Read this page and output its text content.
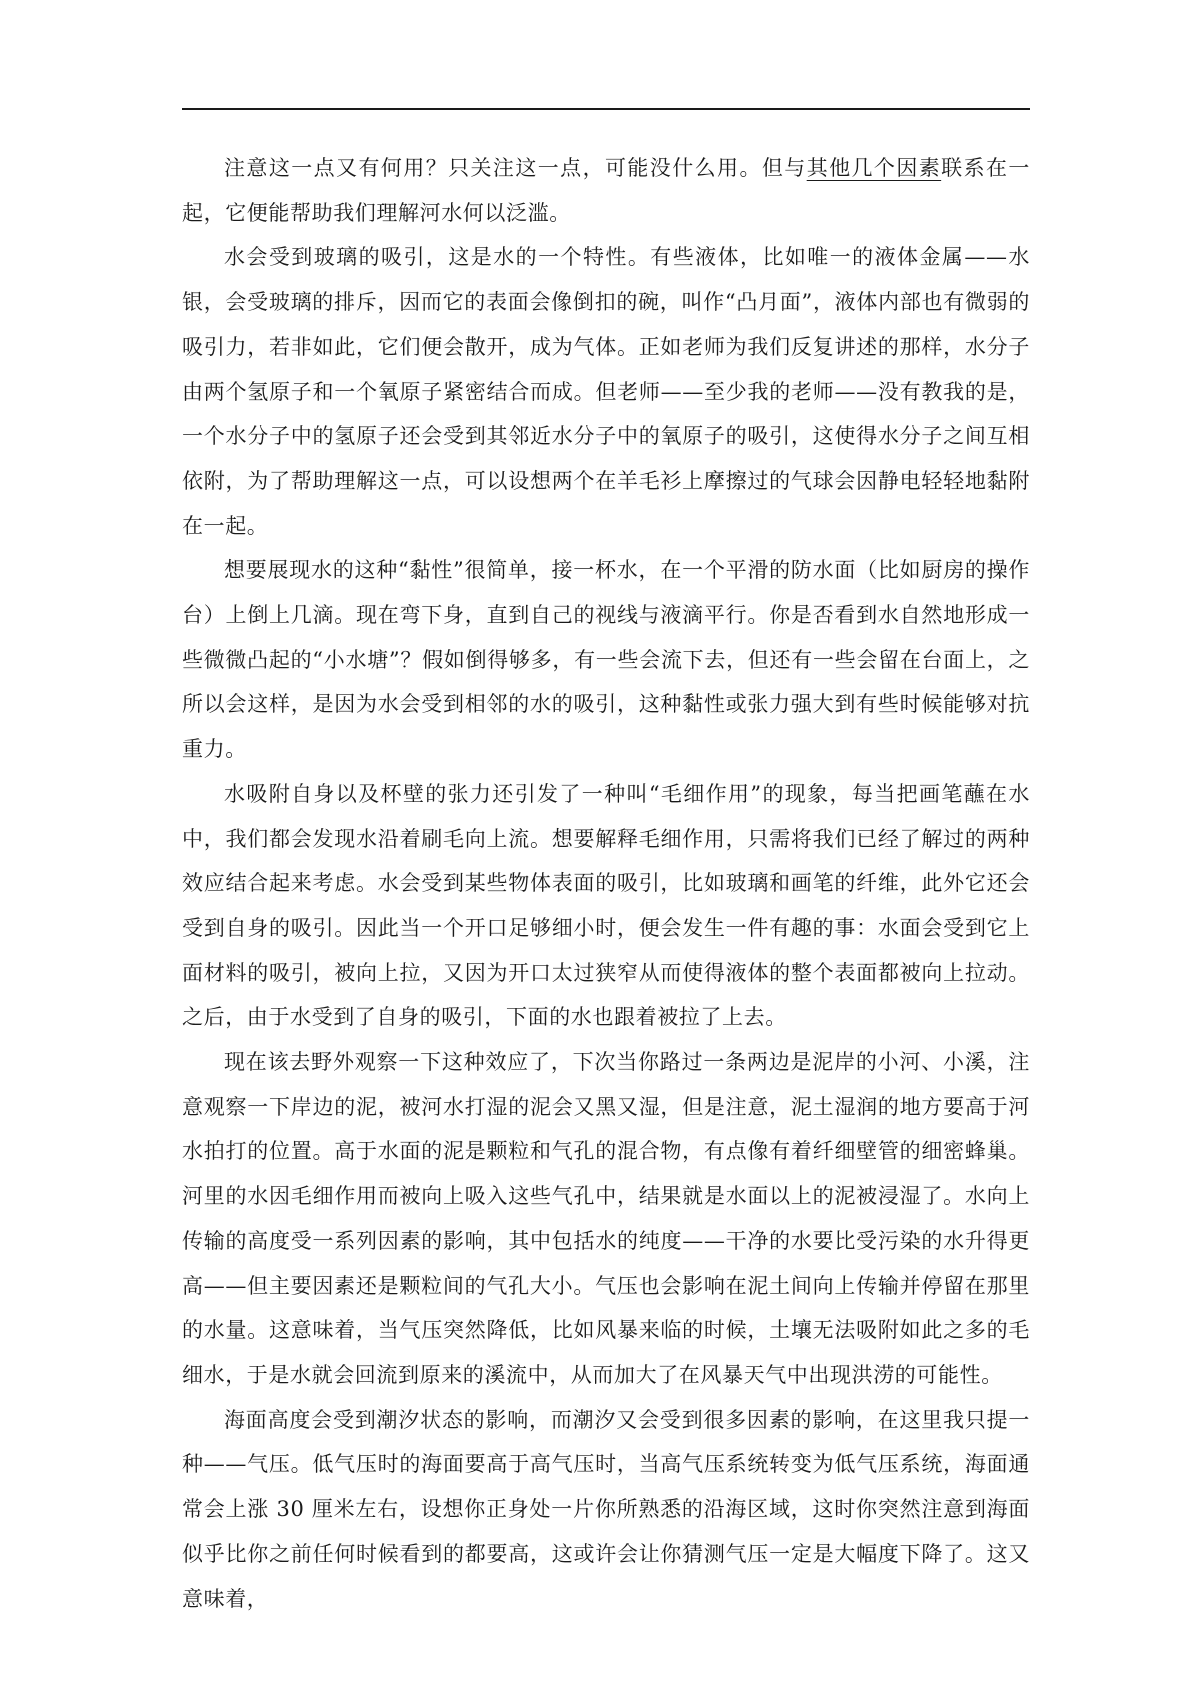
注意这一点又有何用？只关注这一点，可能没什么用。但与其他几个因素联系在一起，它便能帮助我们理解河水何以泛滥。

水会受到玻璃的吸引，这是水的一个特性。有些液体，比如唯一的液体金属——水银，会受玻璃的排斥，因而它的表面会像倒扣的碗，叫作“凸月面”，液体内部也有微弱的吸引力，若非如此，它们便会散开，成为气体。正如老师为我们反复讲述的那样，水分子由两个氢原子和一个氧原子紧密结合而成。但老师——至少我的老师——没有教我的是，一个水分子中的氢原子还会受到其邻近水分子中的氧原子的吸引，这使得水分子之间互相依附，为了帮助理解这一点，可以设想两个在羊毛衫上摩擦过的气球会因静电轻轻地黏附在一起。

想要展现水的这种“黏性”很简单，接一杯水，在一个平滑的防水面（比如厨房的操作台）上倒上几滴。现在弯下身，直到自己的视线与液滴平行。你是否看到水自然地形成一些微微凸起的“小水塘”？假如倒得够多，有一些会流下去，但还有一些会留在台面上，之所以会这样，是因为水会受到相邻的水的吸引，这种黏性或张力强大到有些时候能够对抗重力。

水吸附自身以及杯壁的张力还引发了一种叫“毛细作用”的现象，每当把画笔蘸在水中，我们都会发现水沿着刷毛向上流。想要解释毛细作用，只需将我们已经了解过的两种效应结合起来考虑。水会受到某些物体表面的吸引，比如玻璃和画笔的纤维，此外它还会受到自身的吸引。因此当一个开口足够细小时，便会发生一件有趣的事：水面会受到它上面材料的吸引，被向上拉，又因为开口太过狭窄从而使得液体的整个表面都被向上拉动。之后，由于水受到了自身的吸引，下面的水也跟着被拉了上去。

现在该去野外观察一下这种效应了，下次当你路过一条两边是泥岸的小河、小溪，注意观察一下岸边的泥，被河水打湿的泥会又黑又湿，但是注意，泥土湿润的地方要高于河水拍打的位置。高于水面的泥是颗粒和气孔的混合物，有点像有着纤细壁管的细密蜂巢。河里的水因毛细作用而被向上吸入这些气孔中，结果就是水面以上的泥被浸湿了。水向上传输的高度受一系列因素的影响，其中包括水的纯度——干净的水要比受污染的水升得更高——但主要因素还是颗粒间的气孔大小。气压也会影响在泥土间向上传输并停留在那里的水量。这意味着，当气压突然降低，比如风暴来临的时候，土壤无法吸附如此之多的毛细水，于是水就会回流到原来的溪流中，从而加大了在风暴天气中出现洪涝的可能性。

海面高度会受到潮汐状态的影响，而潮汐又会受到很多因素的影响，在这里我只提一种——气压。低气压时的海面要高于高气压时，当高气压系统转变为低气压系统，海面通常会上涨 30 厘米左右，设想你正身处一片你所熟悉的沿海区域，这时你突然注意到海面似乎比你之前任何时候看到的都要高，这或许会让你猜测气压一定是大幅度下降了。这又意味着，
